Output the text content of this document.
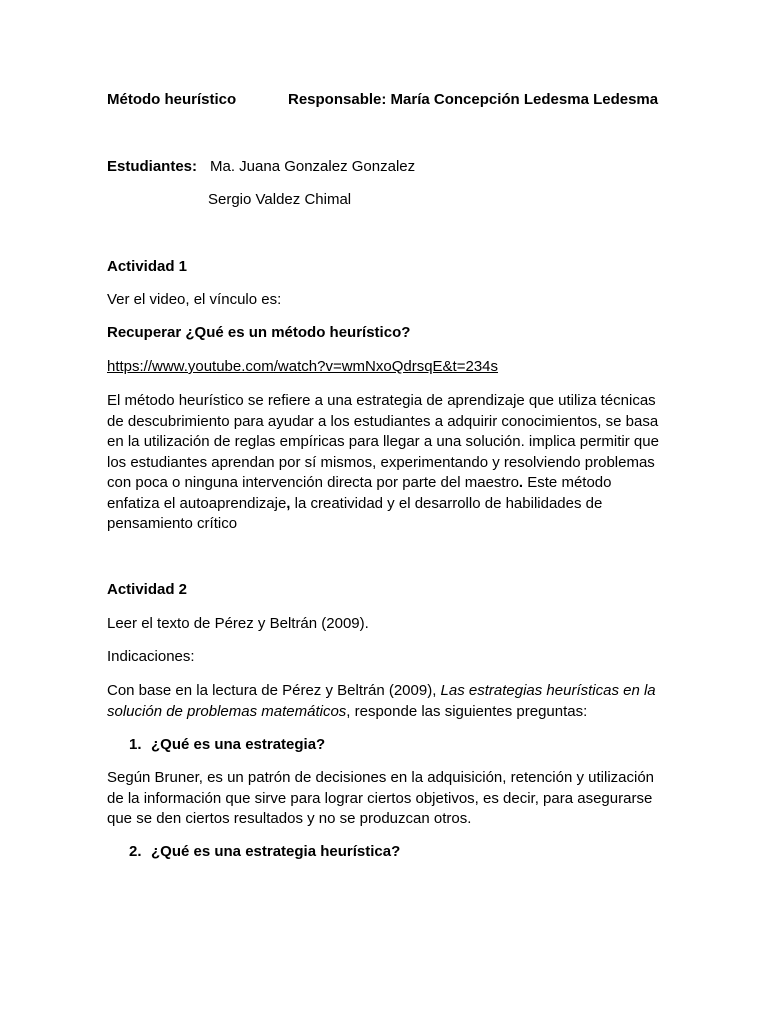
Método heurístico	Responsable: María Concepción Ledesma Ledesma
Estudiantes: Ma. Juana Gonzalez Gonzalez
Sergio Valdez Chimal
Actividad 1
Ver el video, el vínculo es:
Recuperar ¿Qué es un método heurístico?
https://www.youtube.com/watch?v=wmNxoQdrsqE&t=234s

El método heurístico se refiere a una estrategia de aprendizaje que utiliza técnicas de descubrimiento para ayudar a los estudiantes a adquirir conocimientos, se basa en la utilización de reglas empíricas para llegar a una solución. implica permitir que los estudiantes aprendan por sí mismos, experimentando y resolviendo problemas con poca o ninguna intervención directa por parte del maestro. Este método enfatiza el autoaprendizaje, la creatividad y el desarrollo de habilidades de pensamiento crítico

Actividad 2
Leer el texto de Pérez y Beltrán (2009).
Indicaciones:

Con base en la lectura de Pérez y Beltrán (2009), Las estrategias heurísticas en la solución de problemas matemáticos, responde las siguientes preguntas:

1. ¿Qué es una estrategia?

Según Bruner, es un patrón de decisiones en la adquisición, retención y utilización de la información que sirve para lograr ciertos objetivos, es decir, para asegurarse que se den ciertos resultados y no se produzcan otros.

2. ¿Qué es una estrategia heurística?
